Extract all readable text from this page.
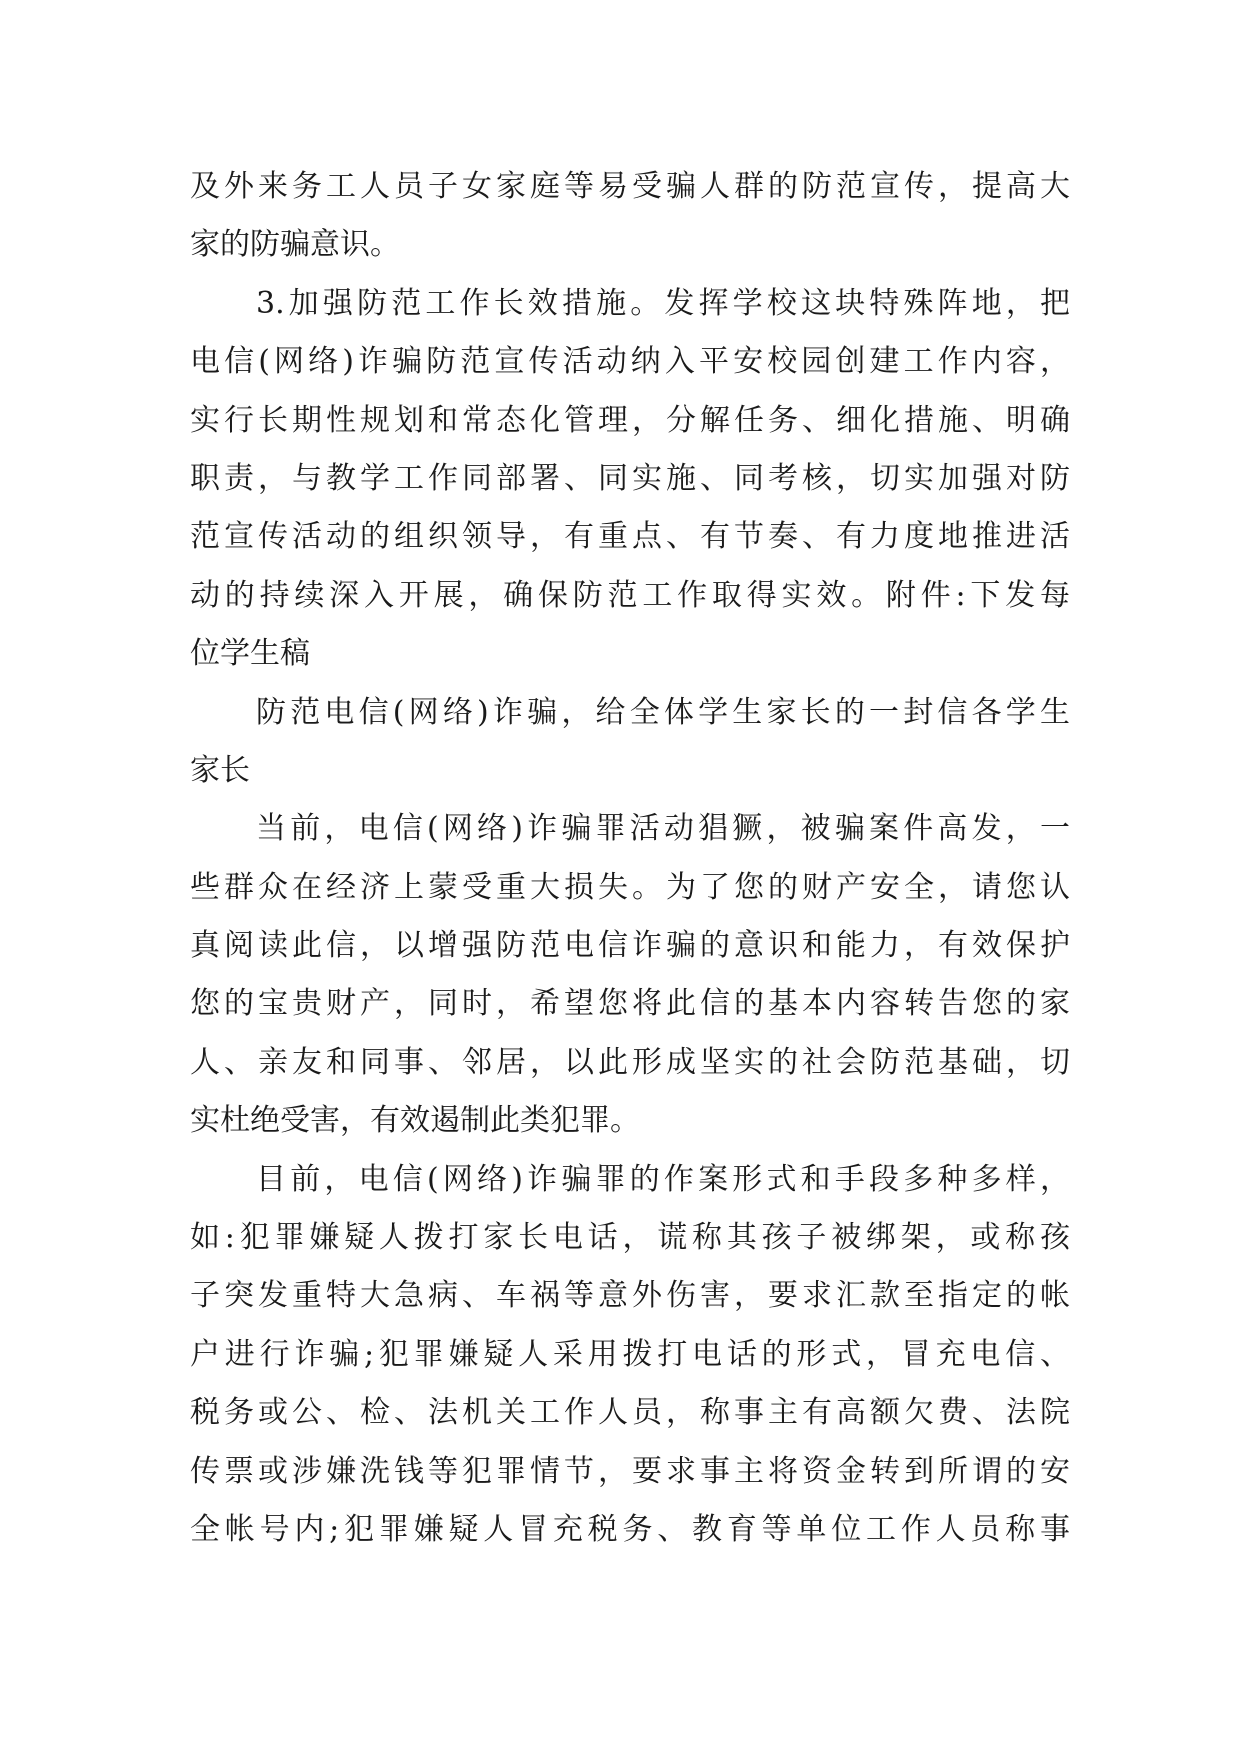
及外来务工人员子女家庭等易受骗人群的防范宣传，提高大
家的防骗意识。
3.加强防范工作长效措施。发挥学校这块特殊阵地，把
电信(网络)诈骗防范宣传活动纳入平安校园创建工作内容，
实行长期性规划和常态化管理，分解任务、细化措施、明确
职责，与教学工作同部署、同实施、同考核，切实加强对防
范宣传活动的组织领导，有重点、有节奏、有力度地推进活
动的持续深入开展，确保防范工作取得实效。附件:下发每
位学生稿
防范电信(网络)诈骗，给全体学生家长的一封信各学生
家长
当前，电信(网络)诈骗罪活动猖獗，被骗案件高发，一
些群众在经济上蒙受重大损失。为了您的财产安全，请您认
真阅读此信，以增强防范电信诈骗的意识和能力，有效保护
您的宝贵财产，同时，希望您将此信的基本内容转告您的家
人、亲友和同事、邻居，以此形成坚实的社会防范基础，切
实杜绝受害，有效遏制此类犯罪。
目前，电信(网络)诈骗罪的作案形式和手段多种多样，
如:犯罪嫌疑人拨打家长电话，谎称其孩子被绑架，或称孩
子突发重特大急病、车祸等意外伤害，要求汇款至指定的帐
户进行诈骗;犯罪嫌疑人采用拨打电话的形式，冒充电信、
税务或公、检、法机关工作人员，称事主有高额欠费、法院
传票或涉嫌洗钱等犯罪情节，要求事主将资金转到所谓的安
全帐号内;犯罪嫌疑人冒充税务、教育等单位工作人员称事
